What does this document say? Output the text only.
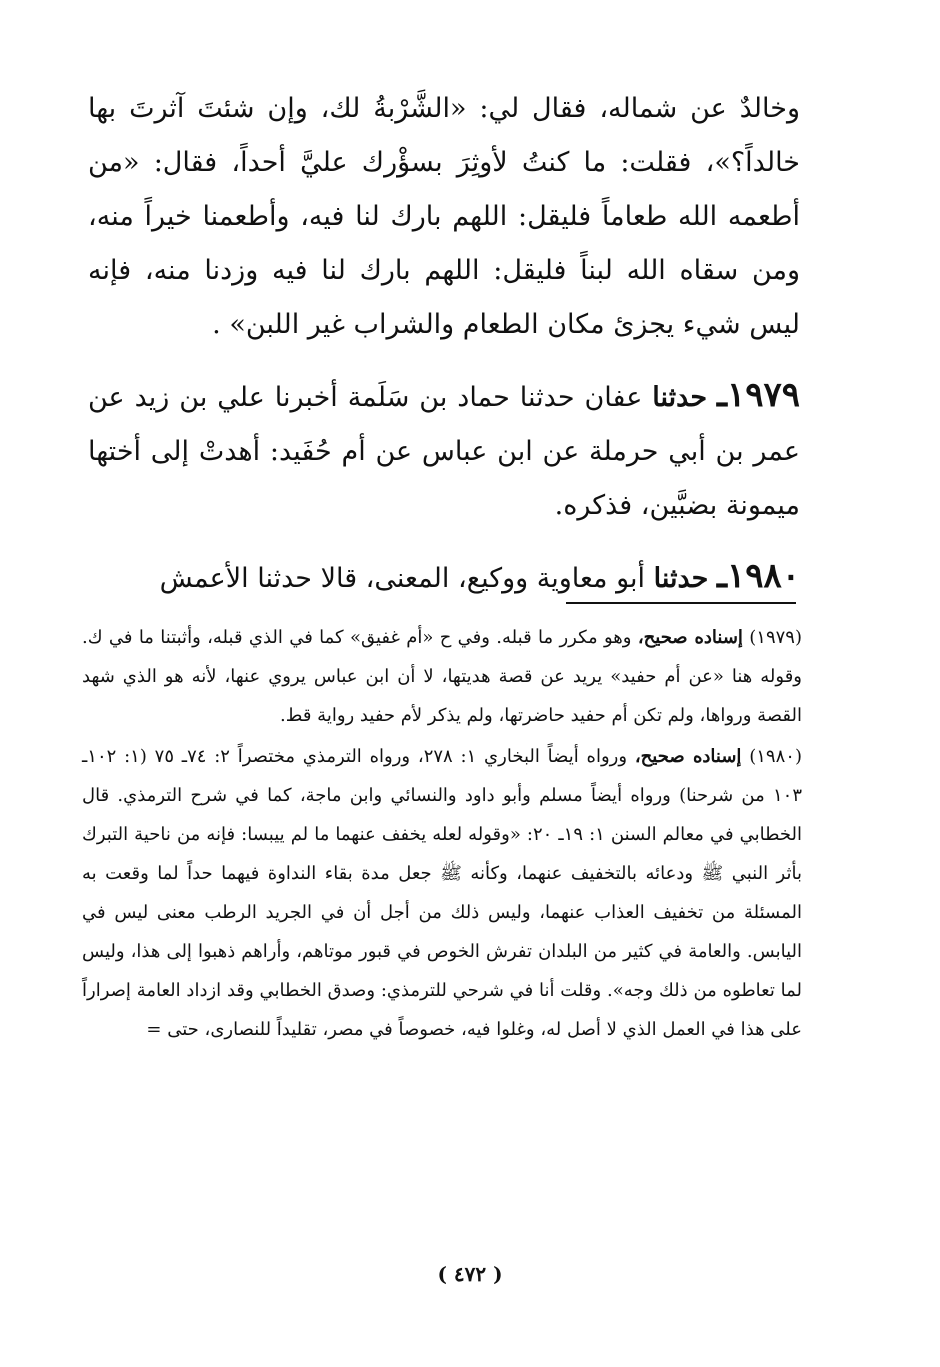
وخالدٌ عن شماله، فقال لي: «الشَّرْبةُ لك، وإن شئتَ آثرتَ بها خالداً؟»، فقلت: ما كنتُ لأوثِرَ بسؤْرك عليَّ أحداً، فقال: «من أطعمه الله طعاماً فليقل: اللهم بارك لنا فيه، وأطعمنا خيراً منه، ومن سقاه الله لبناً فليقل: اللهم بارك لنا فيه وزدنا منه، فإنه ليس شيء يجزئ مكان الطعام والشراب غير اللبن» .

١٩٧٩ـ حدثنا عفان حدثنا حماد بن سَلَمة أخبرنا علي بن زيد عن عمر بن أبي حرملة عن ابن عباس عن أم حُفَيد: أهدتْ إلى أختها ميمونة بضبَّين، فذكره.

١٩٨٠ـ حدثنا أبو معاوية ووكيع، المعنى، قالا حدثنا الأعمش

(١٩٧٩) إسناده صحيح، وهو مكرر ما قبله. وفي ح «أم غفيق» كما في الذي قبله، وأثبتنا ما في ك. وقوله هنا «عن أم حفيد» يريد عن قصة هديتها، لا أن ابن عباس يروي عنها، لأنه هو الذي شهد القصة ورواها، ولم تكن أم حفيد حاضرتها، ولم يذكر لأم حفيد رواية قط.

(١٩٨٠) إسناده صحيح، ورواه أيضاً البخاري ١: ٢٧٨، ورواه الترمذي مختصراً ٢: ٧٤ـ ٧٥ (١: ١٠٢ـ ١٠٣ من شرحنا) ورواه أيضاً مسلم وأبو داود والنسائي وابن ماجة، كما في شرح الترمذي. قال الخطابي في معالم السنن ١: ١٩ـ ٢٠: «وقوله لعله يخفف عنهما ما لم ييبسا: فإنه من ناحية التبرك بأثر النبي ﷺ ودعائه بالتخفيف عنهما، وكأنه ﷺ جعل مدة بقاء النداوة فيهما حداً لما وقعت به المسئلة من تخفيف العذاب عنهما، وليس ذلك من أجل أن في الجريد الرطب معنى ليس في اليابس. والعامة في كثير من البلدان تفرش الخوص في قبور موتاهم، وأراهم ذهبوا إلى هذا، وليس لما تعاطوه من ذلك وجه». وقلت أنا في شرحي للترمذي: وصدق الخطابي وقد ازداد العامة إصراراً على هذا في العمل الذي لا أصل له، وغلوا فيه، خصوصاً في مصر، تقليداً للنصارى، حتى =

( ٤٧٢ )
